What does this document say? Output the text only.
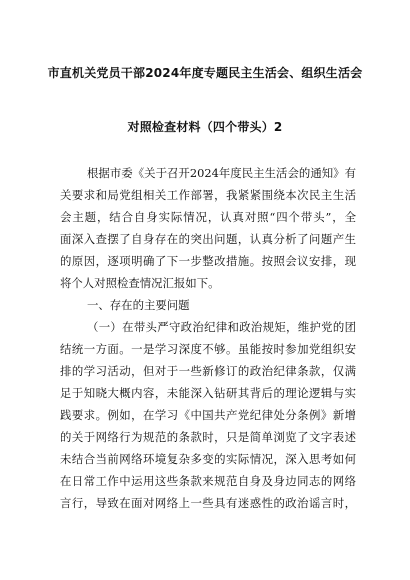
市直机关党员干部2024年度专题民主生活会、组织生活会
对照检查材料（四个带头）2
根据市委《关于召开2024年度民主生活会的通知》有
关要求和局党组相关工作部署，我紧紧围绕本次民主生活
会主题，结合自身实际情况，认真对照“四个带头”，全
面深入查摆了自身存在的突出问题，认真分析了问题产生
的原因，逐项明确了下一步整改措施。按照会议安排，现
将个人对照检查情况汇报如下。
一、存在的主要问题
（一）在带头严守政治纪律和政治规矩，维护党的团
结统一方面。一是学习深度不够。虽能按时参加党组织安
排的学习活动，但对于一些新修订的政治纪律条款，仅满
足于知晓大概内容，未能深入钻研其背后的理论逻辑与实
践要求。例如，在学习《中国共产党纪律处分条例》新增
的关于网络行为规范的条款时，只是简单浏览了文字表述
未结合当前网络环境复杂多变的实际情况，深入思考如何
在日常工作中运用这些条款来规范自身及身边同志的网络
言行，导致在面对网络上一些具有迷惑性的政治谣言时，
